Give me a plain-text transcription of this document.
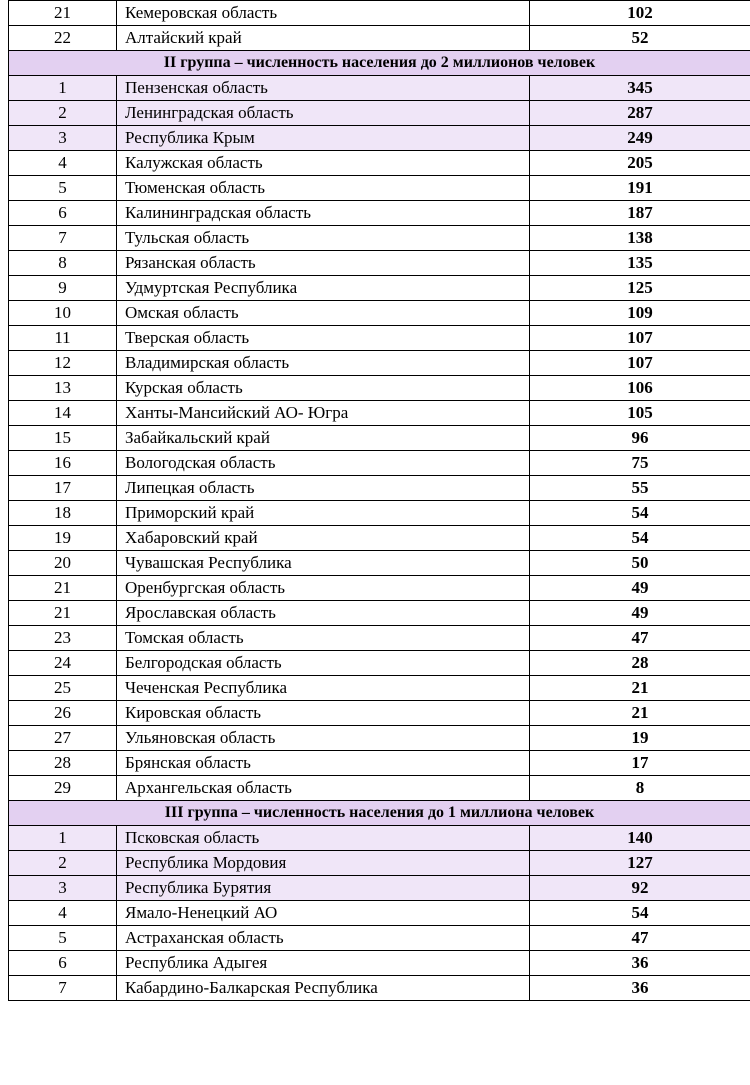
21	Кемеровская область	102
22	Алтайский край	52
II группа – численность населения до 2 миллионов человек		
1	Пензенская область	345
2	Ленинградская область	287
3	Республика Крым	249
4	Калужская область	205
5	Тюменская область	191
6	Калининградская область	187
7	Тульская область	138
8	Рязанская область	135
9	Удмуртская Республика	125
10	Омская область	109
11	Тверская область	107
12	Владимирская область	107
13	Курская область	106
14	Ханты-Мансийский АО- Югра	105
15	Забайкальский край	96
16	Вологодская область	75
17	Липецкая область	55
18	Приморский край	54
19	Хабаровский край	54
20	Чувашская Республика	50
21	Оренбургская область	49
21	Ярославская область	49
23	Томская область	47
24	Белгородская область	28
25	Чеченская Республика	21
26	Кировская область	21
27	Ульяновская область	19
28	Брянская область	17
29	Архангельская область	8
III группа – численность населения до 1 миллиона человек		
1	Псковская область	140
2	Республика Мордовия	127
3	Республика Бурятия	92
4	Ямало-Ненецкий АО	54
5	Астраханская область	47
6	Республика Адыгея	36
7	Кабардино-Балкарская Республика	36
